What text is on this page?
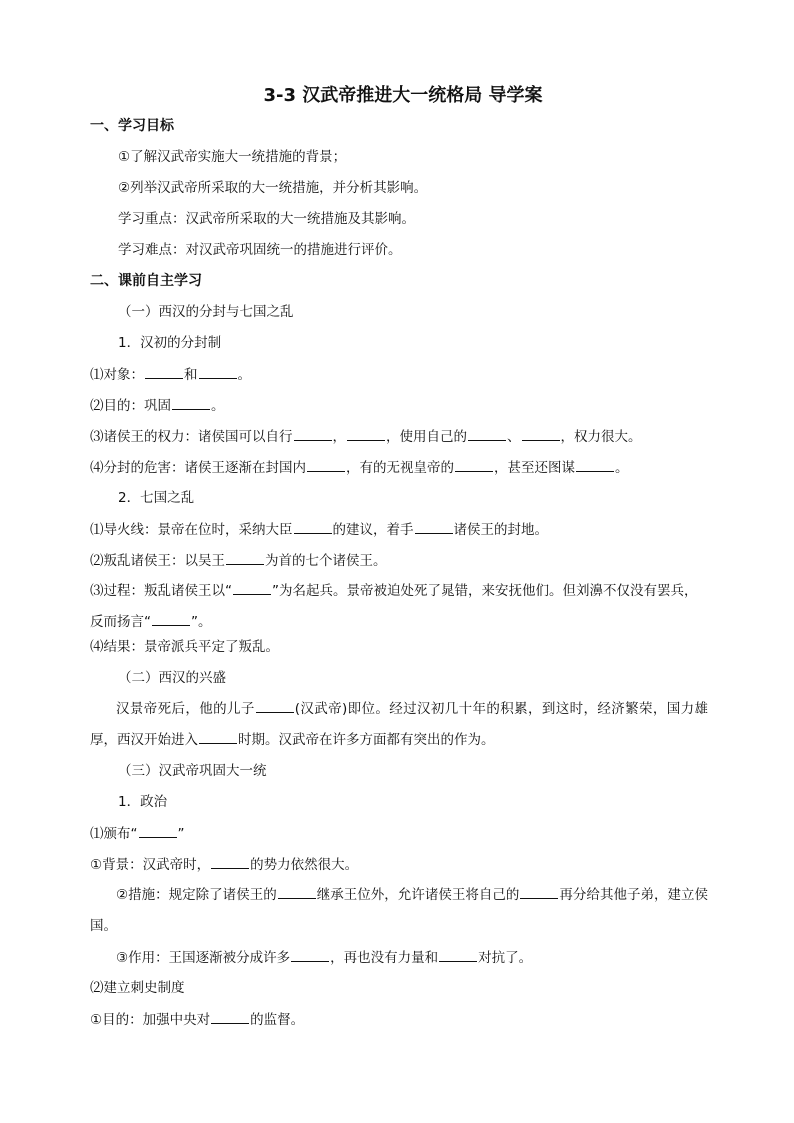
3-3 汉武帝推进大一统格局 导学案
一、学习目标
①了解汉武帝实施大一统措施的背景；
②列举汉武帝所采取的大一统措施，并分析其影响。
学习重点：汉武帝所采取的大一统措施及其影响。
学习难点：对汉武帝巩固统一的措施进行评价。
二、课前自主学习
（一）西汉的分封与七国之乱
1．汉初的分封制
⑴对象：	和	。
⑵目的：巩固	。
⑶诸侯王的权力：诸侯国可以自行	，	，使用自己的	、	，权力很大。
⑷分封的危害：诸侯王逐渐在封国内	，有的无视皇帝的	，甚至还图谋	。
2．七国之乱
⑴导火线：景帝在位时，采纳大臣	的建议，着手	诸侯王的封地。
⑵叛乱诸侯王：以吴王	为首的七个诸侯王。
⑶过程：叛乱诸侯王以“	”为名起兵。景帝被迫处死了晁错，来安抚他们。但刘濞不仅没有罢兵，反而扬言“	”。
⑷结果：景帝派兵平定了叛乱。
（二）西汉的兴盛
汉景帝死后，他的儿子	(汉武帝)即位。经过汉初几十年的积累，到这时，经济繁荣，国力雄厚，西汉开始进入	时期。汉武帝在许多方面都有突出的作为。
（三）汉武帝巩固大一统
1．政治
⑴颁布“	”
①背景：汉武帝时，	的势力依然很大。
②措施：规定除了诸侯王的	继承王位外，允许诸侯王将自己的	再分给其他子弟，建立侯国。
③作用：王国逐渐被分成许多	，再也没有力量和	对抗了。
⑵建立刺史制度
①目的：加强中央对	的监督。
